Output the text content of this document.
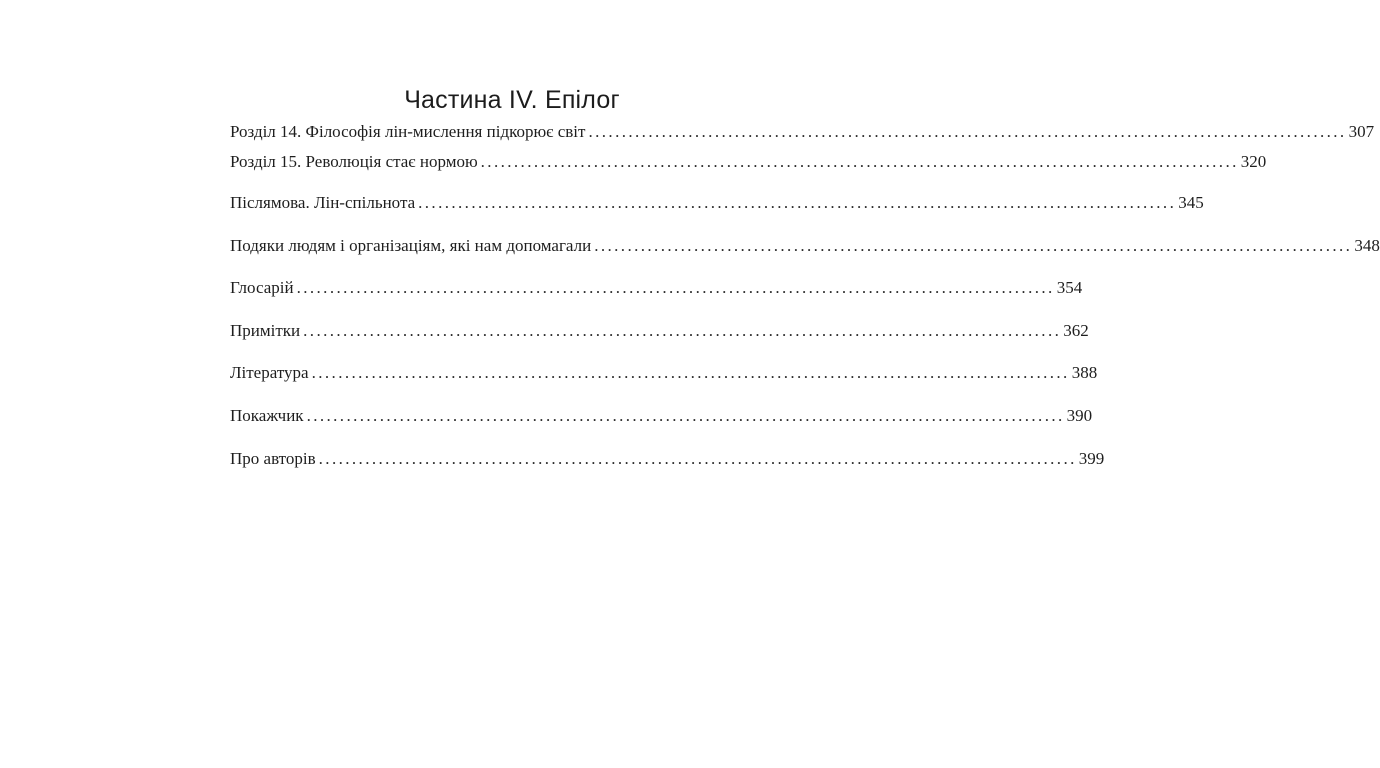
Частина IV. Епілог
Розділ 14. Філософія лін-мислення підкорює світ .................................................................................................................. 307
Розділ 15. Революція стає нормою .................................................................................................................. 320
Післямова. Лін-спільнота .................................................................................................................. 345
Подяки людям і організаціям, які нам допомагали .................................................................................................................. 348
Глосарій .................................................................................................................. 354
Примітки .................................................................................................................. 362
Література .................................................................................................................. 388
Покажчик .................................................................................................................. 390
Про авторів .................................................................................................................. 399
